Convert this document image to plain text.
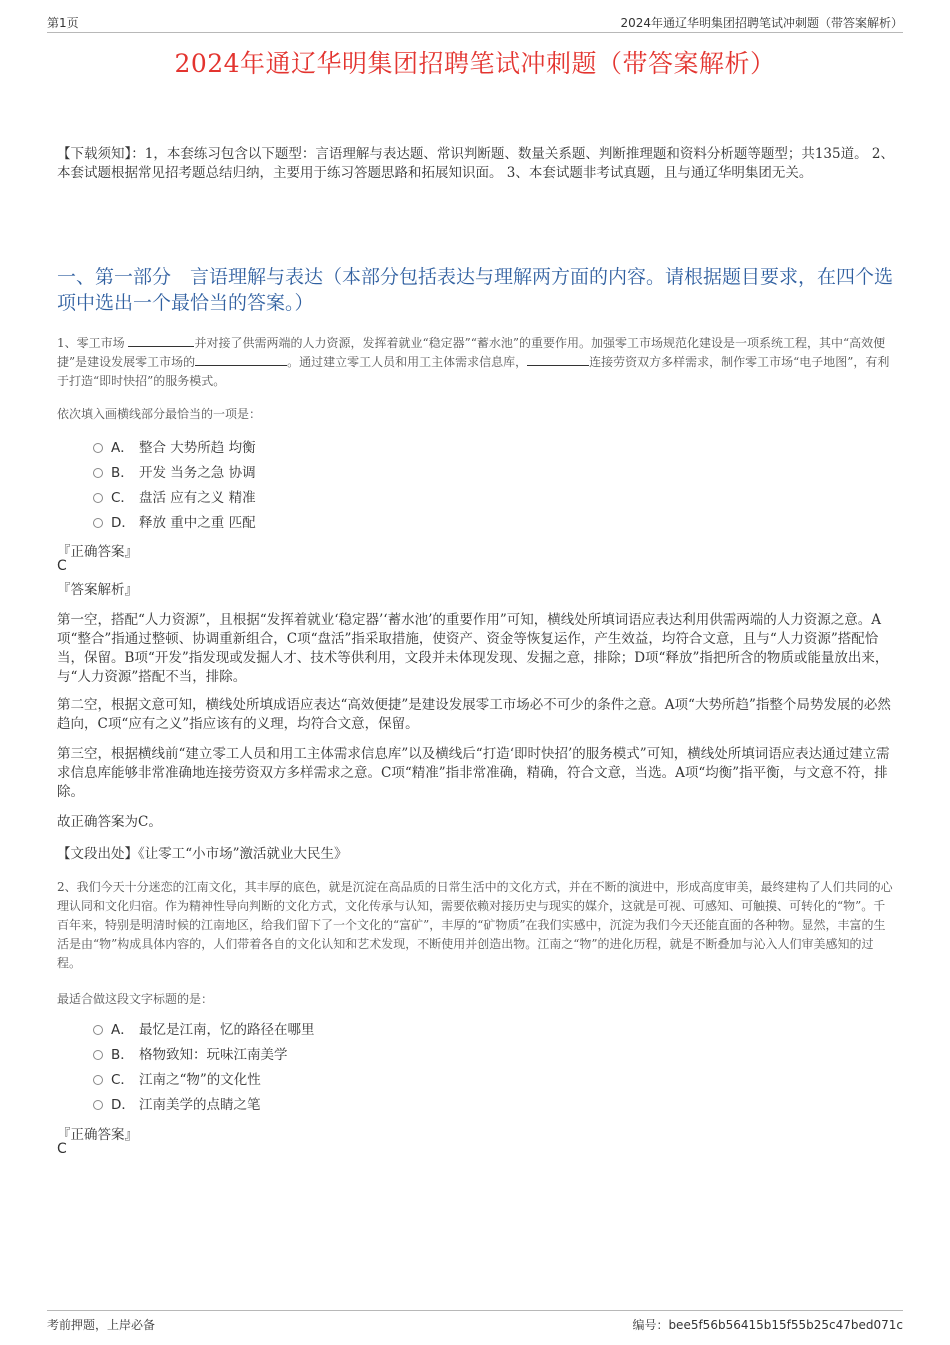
第1页	2024年通辽华明集团招聘笔试冲刺题（带答案解析）
2024年通辽华明集团招聘笔试冲刺题（带答案解析）
【下载须知】：1，本套练习包含以下题型：言语理解与表达题、常识判断题、数量关系题、判断推理题和资料分析题等题型；共135道。 2、本套试题根据常见招考题总结归纳，主要用于练习答题思路和拓展知识面。 3、本套试题非考试真题，且与通辽华明集团无关。
一、第一部分　言语理解与表达（本部分包括表达与理解两方面的内容。请根据题目要求，在四个选项中选出一个最恰当的答案。）
1、零工市场	并对接了供需两端的人力资源，发挥着就业“稳定器”“蓄水池”的重要作用。加强零工市场规范化建设是一项系统工程，其中“高效便捷”是建设发展零工市场的	。通过建立零工人员和用工主体需求信息库，	连接劳资双方多样需求，制作零工市场“电子地图”，有利于打造“即时快招”的服务模式。
依次填入画横线部分最恰当的一项是：
A． 整合 大势所趋 均衡
B． 开发 当务之急 协调
C． 盘活 应有之义 精准
D． 释放 重中之重 匹配
『正确答案』
C
『答案解析』
第一空，搭配“人力资源”，且根据“发挥着就业‘稳定器’‘蓄水池’的重要作用”可知，横线处所填词语应表达利用供需两端的人力资源之意。A项“整合”指通过整顿、协调重新组合，C项“盘活”指采取措施，使资产、资金等恢复运作，产生效益，均符合文意，且与“人力资源”搭配恰当，保留。B项“开发”指发现或发掘人才、技术等供利用，文段并未体现发现、发掘之意，排除；D项“释放”指把所含的物质或能量放出来，与“人力资源”搭配不当，排除。
第二空，根据文意可知，横线处所填成语应表达“高效便捷”是建设发展零工市场必不可少的条件之意。A项“大势所趋”指整个局势发展的必然趋向，C项“应有之义”指应该有的义理，均符合文意，保留。
第三空，根据横线前“建立零工人员和用工主体需求信息库”以及横线后“打造‘即时快招’的服务模式”可知，横线处所填词语应表达通过建立需求信息库能够非常准确地连接劳资双方多样需求之意。C项“精准”指非常准确，精确，符合文意，当选。A项“均衡”指平衡，与文意不符，排除。
故正确答案为C。
【文段出处】《让零工“小市场”激活就业大民生》
2、我们今天十分迷恋的江南文化，其丰厚的底色，就是沉淀在高品质的日常生活中的文化方式，并在不断的演进中，形成高度审美，最终建构了人们共同的心理认同和文化归宿。作为精神性导向判断的文化方式，文化传承与认知，需要依赖对接历史与现实的媒介，这就是可视、可感知、可触摸、可转化的“物”。千百年来，特别是明清时候的江南地区，给我们留下了一个文化的“富矿”，丰厚的“矿物质”在我们实感中，沉淀为我们今天还能直面的各种物。显然，丰富的生活是由“物”构成具体内容的，人们带着各自的文化认知和艺术发现，不断使用并创造出物。江南之“物”的进化历程，就是不断叠加与沁入人们审美感知的过程。
最适合做这段文字标题的是：
A． 最忆是江南，忆的路径在哪里
B． 格物致知：玩味江南美学
C． 江南之“物”的文化性
D． 江南美学的点睛之笔
『正确答案』
C
考前押题，上岸必备	编号：bee5f56b56415b15f55b25c47bed071c
